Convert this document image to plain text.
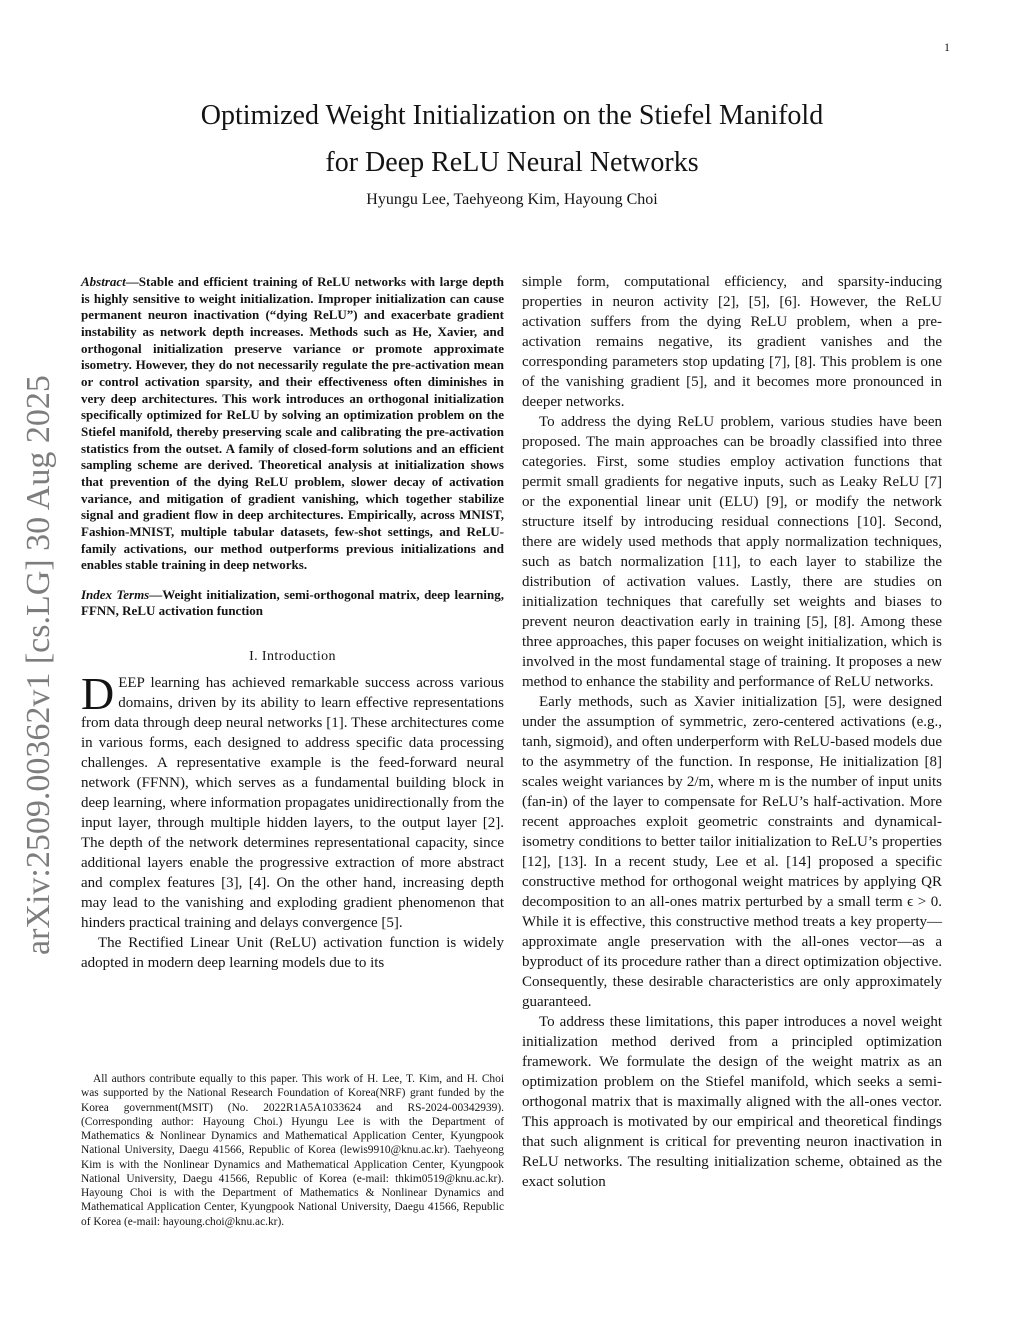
1
arXiv:2509.00362v1 [cs.LG] 30 Aug 2025
Optimized Weight Initialization on the Stiefel Manifold
for Deep ReLU Neural Networks
Hyungu Lee, Taehyeong Kim, Hayoung Choi

Abstract—Stable and efficient training of ReLU networks with large depth is highly sensitive to weight initialization. Improper initialization can cause permanent neuron inactivation (“dying ReLU”) and exacerbate gradient instability as network depth increases. Methods such as He, Xavier, and orthogonal initialization preserve variance or promote approximate isometry. However, they do not necessarily regulate the pre-activation mean or control activation sparsity, and their effectiveness often diminishes in very deep architectures. This work introduces an orthogonal initialization specifically optimized for ReLU by solving an optimization problem on the Stiefel manifold, thereby preserving scale and calibrating the pre-activation statistics from the outset. A family of closed-form solutions and an efficient sampling scheme are derived. Theoretical analysis at initialization shows that prevention of the dying ReLU problem, slower decay of activation variance, and mitigation of gradient vanishing, which together stabilize signal and gradient flow in deep architectures. Empirically, across MNIST, Fashion-MNIST, multiple tabular datasets, few-shot settings, and ReLU-family activations, our method outperforms previous initializations and enables stable training in deep networks.

Index Terms—Weight initialization, semi-orthogonal matrix, deep learning, FFNN, ReLU activation function

I. Introduction

DEEP learning has achieved remarkable success across various domains, driven by its ability to learn effective representations from data through deep neural networks [1]. These architectures come in various forms, each designed to address specific data processing challenges. A representative example is the feed-forward neural network (FFNN), which serves as a fundamental building block in deep learning, where information propagates unidirectionally from the input layer, through multiple hidden layers, to the output layer [2]. The depth of the network determines representational capacity, since additional layers enable the progressive extraction of more abstract and complex features [3], [4]. On the other hand, increasing depth may lead to the vanishing and exploding gradient phenomenon that hinders practical training and delays convergence [5].

The Rectified Linear Unit (ReLU) activation function is widely adopted in modern deep learning models due to its

All authors contribute equally to this paper. This work of H. Lee, T. Kim, and H. Choi was supported by the National Research Foundation of Korea(NRF) grant funded by the Korea government(MSIT) (No. 2022R1A5A1033624 and RS-2024-00342939). (Corresponding author: Hayoung Choi.) Hyungu Lee is with the Department of Mathematics & Nonlinear Dynamics and Mathematical Application Center, Kyungpook National University, Daegu 41566, Republic of Korea (lewis9910@knu.ac.kr). Taehyeong Kim is with the Nonlinear Dynamics and Mathematical Application Center, Kyungpook National University, Daegu 41566, Republic of Korea (e-mail: thkim0519@knu.ac.kr). Hayoung Choi is with the Department of Mathematics & Nonlinear Dynamics and Mathematical Application Center, Kyungpook National University, Daegu 41566, Republic of Korea (e-mail: hayoung.choi@knu.ac.kr).

simple form, computational efficiency, and sparsity-inducing properties in neuron activity [2], [5], [6]. However, the ReLU activation suffers from the dying ReLU problem, when a pre-activation remains negative, its gradient vanishes and the corresponding parameters stop updating [7], [8]. This problem is one of the vanishing gradient [5], and it becomes more pronounced in deeper networks.

To address the dying ReLU problem, various studies have been proposed. The main approaches can be broadly classified into three categories. First, some studies employ activation functions that permit small gradients for negative inputs, such as Leaky ReLU [7] or the exponential linear unit (ELU) [9], or modify the network structure itself by introducing residual connections [10]. Second, there are widely used methods that apply normalization techniques, such as batch normalization [11], to each layer to stabilize the distribution of activation values. Lastly, there are studies on initialization techniques that carefully set weights and biases to prevent neuron deactivation early in training [5], [8]. Among these three approaches, this paper focuses on weight initialization, which is involved in the most fundamental stage of training. It proposes a new method to enhance the stability and performance of ReLU networks.

Early methods, such as Xavier initialization [5], were designed under the assumption of symmetric, zero-centered activations (e.g., tanh, sigmoid), and often underperform with ReLU-based models due to the asymmetry of the function. In response, He initialization [8] scales weight variances by 2/m, where m is the number of input units (fan-in) of the layer to compensate for ReLU’s half-activation. More recent approaches exploit geometric constraints and dynamical-isometry conditions to better tailor initialization to ReLU’s properties [12], [13]. In a recent study, Lee et al. [14] proposed a specific constructive method for orthogonal weight matrices by applying QR decomposition to an all-ones matrix perturbed by a small term ϵ > 0. While it is effective, this constructive method treats a key property—approximate angle preservation with the all-ones vector—as a byproduct of its procedure rather than a direct optimization objective. Consequently, these desirable characteristics are only approximately guaranteed.

To address these limitations, this paper introduces a novel weight initialization method derived from a principled optimization framework. We formulate the design of the weight matrix as an optimization problem on the Stiefel manifold, which seeks a semi-orthogonal matrix that is maximally aligned with the all-ones vector. This approach is motivated by our empirical and theoretical findings that such alignment is critical for preventing neuron inactivation in ReLU networks. The resulting initialization scheme, obtained as the exact solution
